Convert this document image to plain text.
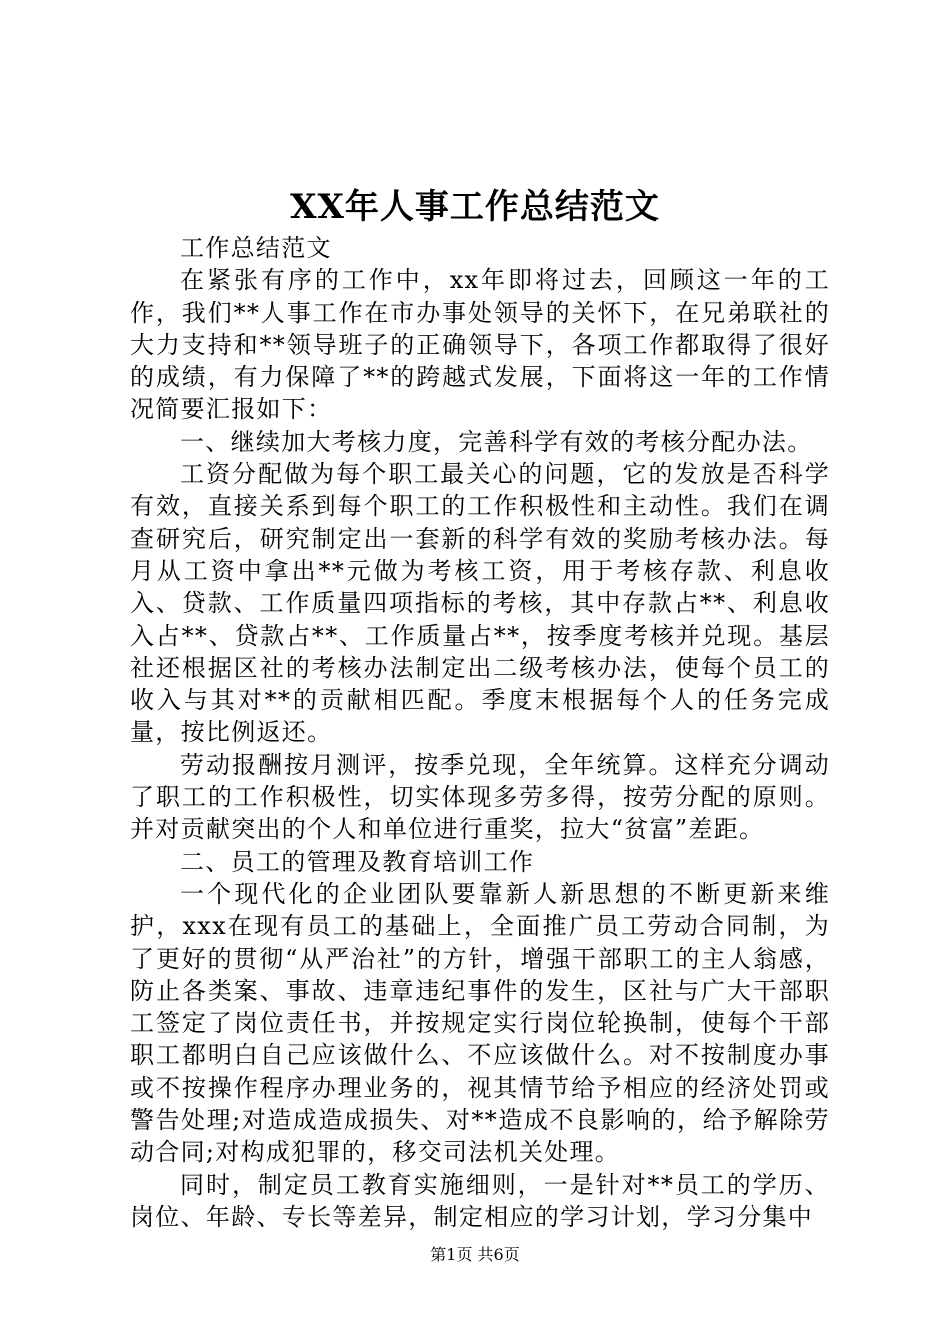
XX年人事工作总结范文

工作总结范文

在紧张有序的工作中，xx年即将过去，回顾这一年的工作，我们**人事工作在市办事处领导的关怀下，在兄弟联社的大力支持和**领导班子的正确领导下，各项工作都取得了很好的成绩，有力保障了**的跨越式发展，下面将这一年的工作情况简要汇报如下：

一、继续加大考核力度，完善科学有效的考核分配办法。

工资分配做为每个职工最关心的问题，它的发放是否科学有效，直接关系到每个职工的工作积极性和主动性。我们在调查研究后，研究制定出一套新的科学有效的奖励考核办法。每月从工资中拿出**元做为考核工资，用于考核存款、利息收入、贷款、工作质量四项指标的考核，其中存款占**、利息收入占**、贷款占**、工作质量占**，按季度考核并兑现。基层社还根据区社的考核办法制定出二级考核办法，使每个员工的收入与其对**的贡献相匹配。季度末根据每个人的任务完成量，按比例返还。

劳动报酬按月测评，按季兑现，全年统算。这样充分调动了职工的工作积极性，切实体现多劳多得，按劳分配的原则。并对贡献突出的个人和单位进行重奖，拉大“贫富”差距。

二、员工的管理及教育培训工作

一个现代化的企业团队要靠新人新思想的不断更新来维护，xxx在现有员工的基础上，全面推广员工劳动合同制，为了更好的贯彻“从严治社”的方针，增强干部职工的主人翁感，防止各类案、事故、违章违纪事件的发生，区社与广大干部职工签定了岗位责任书，并按规定实行岗位轮换制，使每个干部职工都明白自己应该做什么、不应该做什么。对不按制度办事或不按操作程序办理业务的，视其情节给予相应的经济处罚或警告处理;对造成造成损失、对**造成不良影响的，给予解除劳动合同;对构成犯罪的，移交司法机关处理。

同时，制定员工教育实施细则，一是针对**员工的学历、岗位、年龄、专长等差异，制定相应的学习计划，学习分集中

第1页 共6页
